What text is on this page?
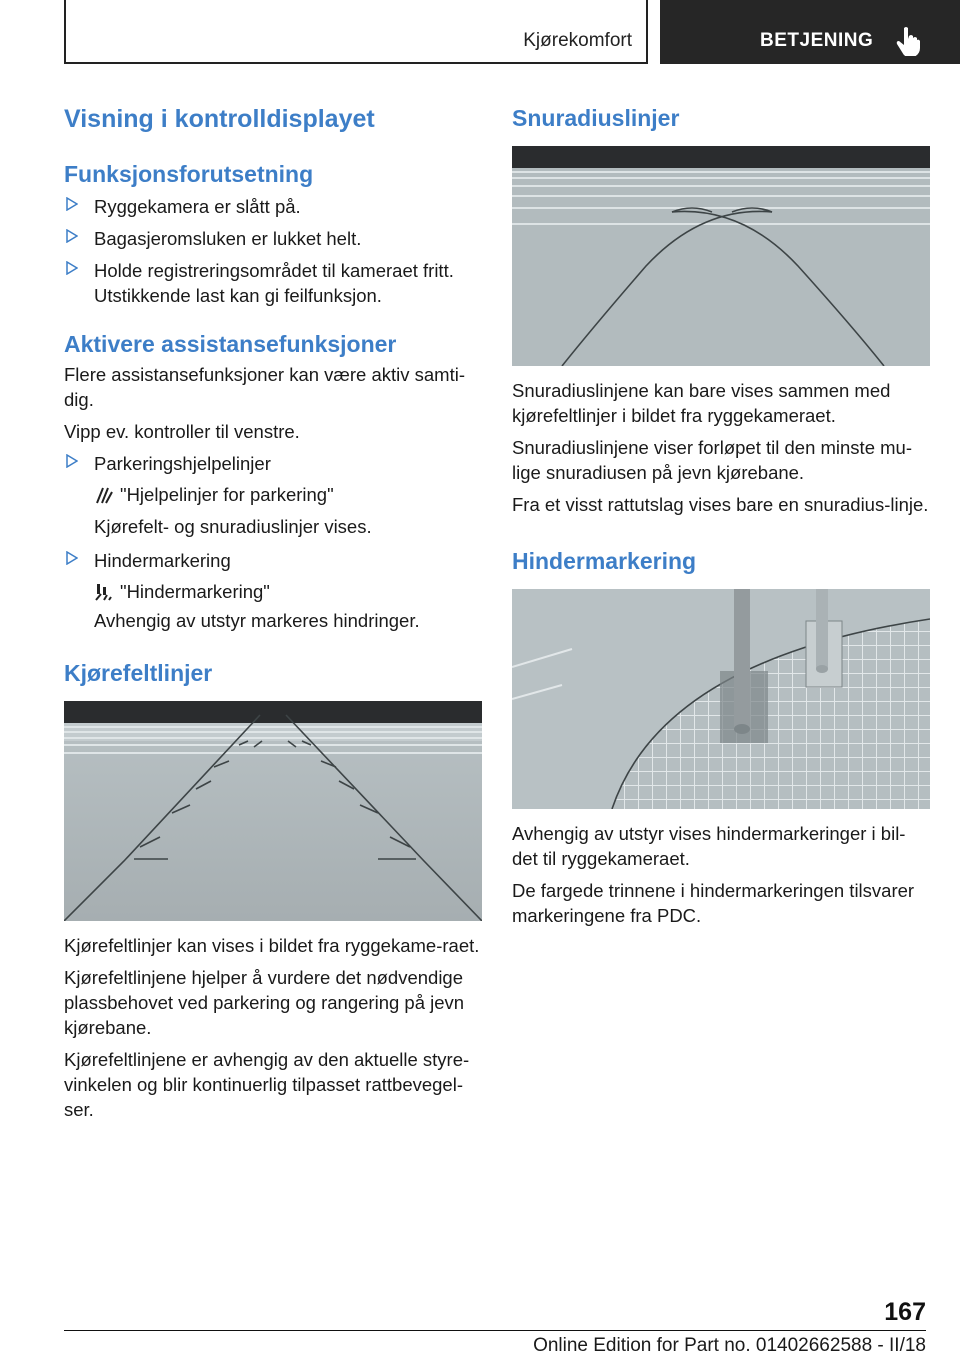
Kjørekomfort	BETJENING
Visning i kontrolldisplayet
Funksjonsforutsetning
Ryggekamera er slått på.
Bagasjeromsluken er lukket helt.
Holde registreringsområdet til kameraet fritt. Utstikkende last kan gi feilfunksjon.
Aktivere assistansefunksjoner

Flere assistansefunksjoner kan være aktiv samti-dig.

Vipp ev. kontroller til venstre.

Parkeringshjelpelinjer
"Hjelpelinjer for parkering"
Kjørefelt- og snuradiuslinjer vises.
Hindermarkering
"Hindermarkering"
Avhengig av utstyr markeres hindringer.
Kjørefeltlinjer

Kjørefeltlinjer kan vises i bildet fra ryggekame-raet.

Kjørefeltlinjene hjelper å vurdere det nødvendige plassbehovet ved parkering og rangering på jevn kjørebane.

Kjørefeltlinjene er avhengig av den aktuelle styre-vinkelen og blir kontinuerlig tilpasset rattbevegel-ser.

Snuradiuslinjer

Snuradiuslinjene kan bare vises sammen med kjørefeltlinjer i bildet fra ryggekameraet.

Snuradiuslinjene viser forløpet til den minste mu-lige snuradiusen på jevn kjørebane.

Fra et visst rattutslag vises bare en snuradius-linje.

Hindermarkering

Avhengig av utstyr vises hindermarkeringer i bil-det til ryggekameraet.

De fargede trinnene i hindermarkeringen tilsvarer markeringene fra PDC.

167
Online Edition for Part no. 01402662588 - II/18
